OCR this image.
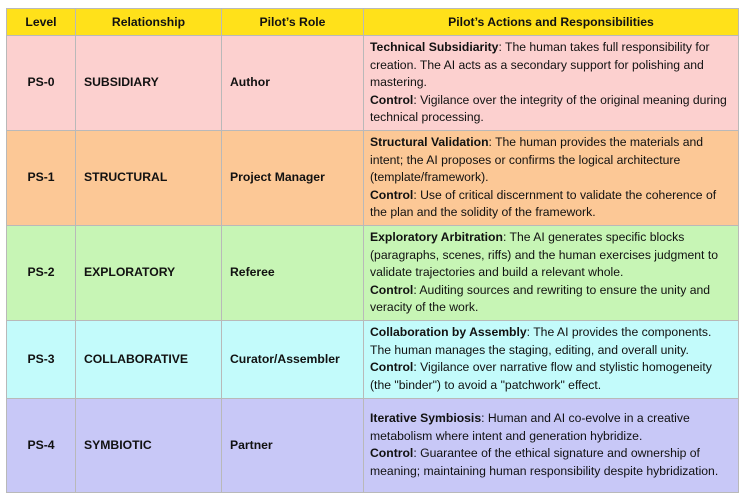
Level	Relationship	Pilot’s Role	Pilot’s Actions and Responsibilities
PS-0	SUBSIDIARY	Author	Technical Subsidiarity: The human takes full responsibility for creation. The AI acts as a secondary support for polishing and mastering.
Control: Vigilance over the integrity of the original meaning during technical processing.
PS-1	STRUCTURAL	Project Manager	Structural Validation: The human provides the materials and intent; the AI proposes or confirms the logical architecture (template/framework).
Control: Use of critical discernment to validate the coherence of the plan and the solidity of the framework.
PS-2	EXPLORATORY	Referee	Exploratory Arbitration: The AI generates specific blocks (paragraphs, scenes, riffs) and the human exercises judgment to validate trajectories and build a relevant whole.
Control: Auditing sources and rewriting to ensure the unity and veracity of the work.
PS-3	COLLABORATIVE	Curator/Assembler	Collaboration by Assembly: The AI provides the components. The human manages the staging, editing, and overall unity.
Control: Vigilance over narrative flow and stylistic homogeneity (the "binder") to avoid a "patchwork" effect.
PS-4	SYMBIOTIC	Partner	Iterative Symbiosis: Human and AI co-evolve in a creative metabolism where intent and generation hybridize.
Control: Guarantee of the ethical signature and ownership of meaning; maintaining human responsibility despite hybridization.
